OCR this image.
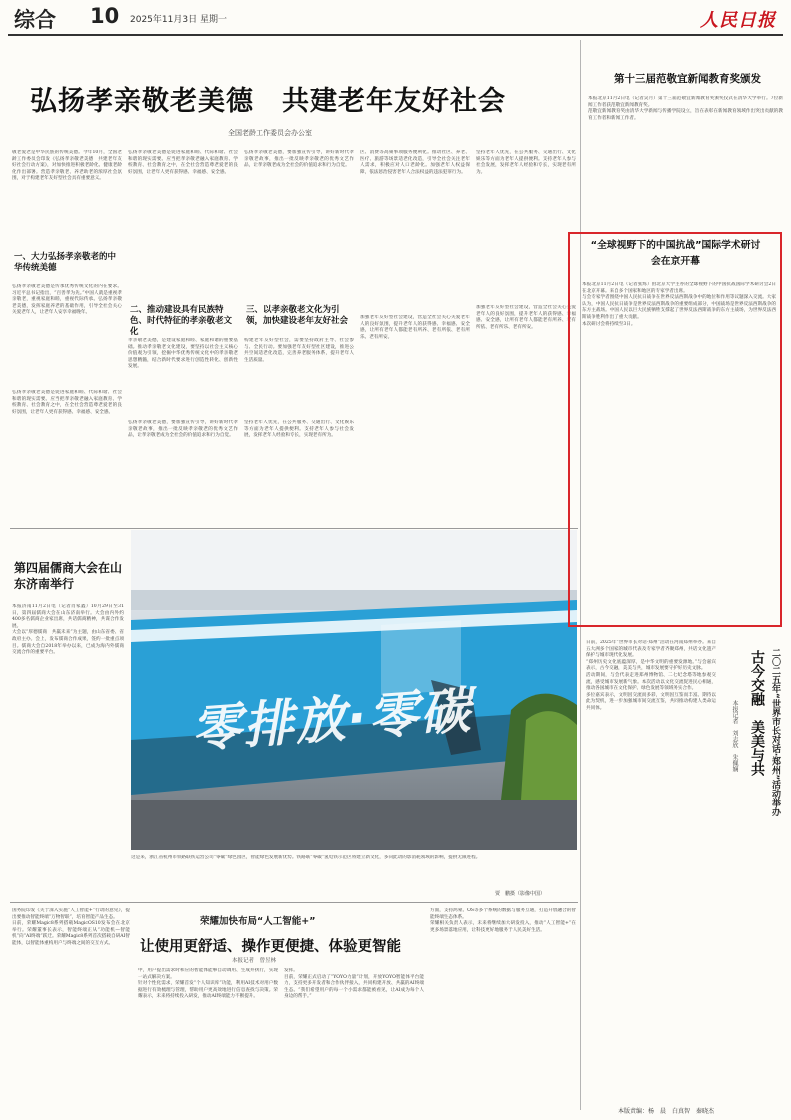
综合 10 2025年11月3日 星期一	人民日报
弘扬孝亲敬老美德　共建老年友好社会
全国老龄工作委员会办公室
敬老爱老是中华民族的传统美德。今年10月，全国老龄工作委员会印发《弘扬孝亲敬老美德　共建老年友好社会行动方案》，对加快推进积极老龄化、健康老龄化作出部署。营造孝亲敬老、养老助老的浓厚社会氛围，对于构建老年友好型社会具有重要意义。
一、大力弘扬孝亲敬老的中华传统美德
弘扬孝亲敬老美德是传承优秀传统文化的内在要求。习近平总书记指出，“百善孝为先。”中国人就是重视孝亲敬老，重视家庭和睦，重视代际传承。弘扬孝亲敬老美德，发挥家庭养老的基础作用，引导全社会关心关爱老年人，让老年人安享幸福晚年。
弘扬孝亲敬老美德是促进家庭和睦、代际和谐、社会和谐的现实需要。应当把孝亲敬老融入家庭教育、学校教育、社会教育之中，在全社会营造尊老爱老的良好氛围，让老年人更有获得感、幸福感、安全感。
弘扬孝亲敬老美德是促进家庭和睦、代际和谐、社会和谐的现实需要。应当把孝亲敬老融入家庭教育、学校教育、社会教育之中，在全社会营造尊老爱老的良好氛围，让老年人更有获得感、幸福感、安全感。
二、推动建设具有民族特色、时代特征的孝亲敬老文化
孝亲敬老美德，是建设家庭和睦、家庭和谐的重要基础。推动孝亲敬老文化建设，要坚持以社会主义核心价值观为引领，挖掘中华优秀传统文化中的孝亲敬老思想精髓，结合新时代要求进行创造性转化、创新性发展。
弘扬孝亲敬老美德，要加强宣传引导，讲好新时代孝亲敬老故事，推出一批反映孝亲敬老的优秀文艺作品，让孝亲敬老成为全社会的价值追求和行为自觉。
弘扬孝亲敬老美德，要加强宣传引导，讲好新时代孝亲敬老故事，推出一批反映孝亲敬老的优秀文艺作品，让孝亲敬老成为全社会的价值追求和行为自觉。
三、以孝亲敬老文化为引领，加快建设老年友好社会
构建老年友好型社会，需要坚持政府主导、社会参与、全民行动。要加强老年友好型社区建设，推进公共空间适老化改造，完善养老服务体系，提升老年人生活质量。
坚持老年人优先，在公共服务、交通出行、文化娱乐等方面为老年人提供便利。支持老年人参与社会发展，发挥老年人经验和专长，实现老有所为。
区、消费等高频事项服务便利化。推动社区、养老、医疗、旅游等场景适老化改造，引导全社会关注老年人需求，积极应对人口老龄化。加强老年人权益保障，依法惩治侵害老年人合法权益的违法犯罪行为。
加强老年友好型社会建设，营造全社会关心关爱老年人的良好氛围，提升老年人的获得感、幸福感、安全感，让所有老年人都能老有所养、老有所依、老有所乐、老有所安。
坚持老年人优先，在公共服务、交通出行、文化娱乐等方面为老年人提供便利。支持老年人参与社会发展，发挥老年人经验和专长，实现老有所为。
加强老年友好型社会建设，营造全社会关心关爱老年人的良好氛围，提升老年人的获得感、幸福感、安全感，让所有老年人都能老有所养、老有所依、老有所乐、老有所安。
第四届儒商大会在山东济南举行
本报济南11月2日电（记者肖家鑫）10月29日至31日，第四届儒商大会在山东济南举行。大会由内外约400多名儒商企业家出席，共话儒商精神，共谋合作发展。
大会以“厚德儒商　共赢未来”为主题，由山东省委、省政府主办。会上，发布儒商合作成果，签约一批重点项目。儒商大会自2018年举办以来，已成为海内外儒商交流合作的重要平台。
零排放·零碳
这是来，浙江省杭州市铁路联铁运营公司“零碳”绿色园区，智能绿色发展新优势。铁路联“零碳”氢电铁示范区将建立新文化，多向此动的影消耗领域的影响，提供无限进程。
贾　鹏摄（影像中国）
国务院印发《关于深入实施“人工智能+”行动的意见》，提出要推动智能终端“万物智联”，培育智能产品生态。
日前，荣耀Magic8系列搭载MagicOS10发布会在北京举行。荣耀董事长表示，智能终端正从“功能机—智能机”向“AI终端”跃迁。荣耀Magic8系列首次搭载自研AI智能体，以智能体重构用户与终端之间的交互方式。
荣耀加快布局“人工智能+”
让使用更舒适、操作更便捷、体验更智能
本报记者　曾昱林
中，用户提出需求时和应的智能体能够自动调用、生成并执行，实现一站式解决方案。
针对个性化需求，荣耀首发“个人知识库”功能，利用AI技术对用户数据进行有效梳理与管理，帮助用户更高效地进行信息查找与决策。荣耀表示，未来将持续投入研发，推动AI终端能力不断提升。
发挥。
目前，荣耀正式启动了“YOYO力量”计划，开放YOYO智能体平台能力，支持更多开发者和合作伙伴接入，共同构建开放、共赢的AI终端生态。“我们希望用户的每一个小需求都能被看见，让AI成为每个人身边的帮手。”
方面，支持鸿蒙、OS等多个系统的数据与服务互通，打造开放融合的智能终端生态体系。
荣耀相关负责人表示，未来将继续加大研发投入，推动“人工智能+”在更多场景落地应用，让科技更好地服务于人民美好生活。
第十三届范敬宜新闻教育奖颁发
本报北京11月2日电（记者吴月）第十三届范敬宜新闻教育奖颁奖仪式在清华大学举行。7位新闻工作者获范敬宜新闻教育奖。
范敬宜新闻教育奖由清华大学新闻与传播学院设立，旨在表彰在新闻教育领域作出突出贡献的教育工作者和新闻工作者。
“全球视野下的中国抗战”国际学术研讨会在京开幕
本报北京11月2日电（记者张烁）由北京大学主办的全球视野下的中国抗战国际学术研讨会2日在北京开幕。来自多个国家和地区的专家学者出席。
与会专家学者围绕中国人民抗日战争在世界反法西斯战争中的地位和作用等议题深入交流。大家认为，中国人民抗日战争是世界反法西斯战争的重要组成部分，中国战场是世界反法西斯战争的东方主战场。中国人民以巨大民族牺牲支撑起了世界反法西斯战争的东方主战场，为世界反法西斯战争胜利作出了重大贡献。
本次研讨会将持续至3日。
日前，2025年“世界市长对话·郑州”活动在河南郑州举办。来自五大洲多个国家的城市代表及专家学者齐聚郑州，共话文化遗产保护与城市现代化发展。
“郑州历史文化底蕴深厚，是中华文明的重要发源地。”与会嘉宾表示，古今交融，美美与共，城市发展要守护好历史文脉。
活动期间，与会代表走进郑州博物馆、二七纪念塔等地参观交流，感受城市发展新气象。本次活动以文化交流促进民心相通，推动各国城市在文化保护、绿色发展等领域务实合作。
多位嘉宾表示，文明因交流而多彩，文明因互鉴而丰富。期待以此为契机，进一步加强城市间交流互鉴，共同推动构建人类命运共同体。	二〇二五年“世界市长对话·郑州”活动举办
古今交融　美美与共
本报记者　刘志欣　朱佩娴
本版责编：杨　晨　白真智　秦晓杰
